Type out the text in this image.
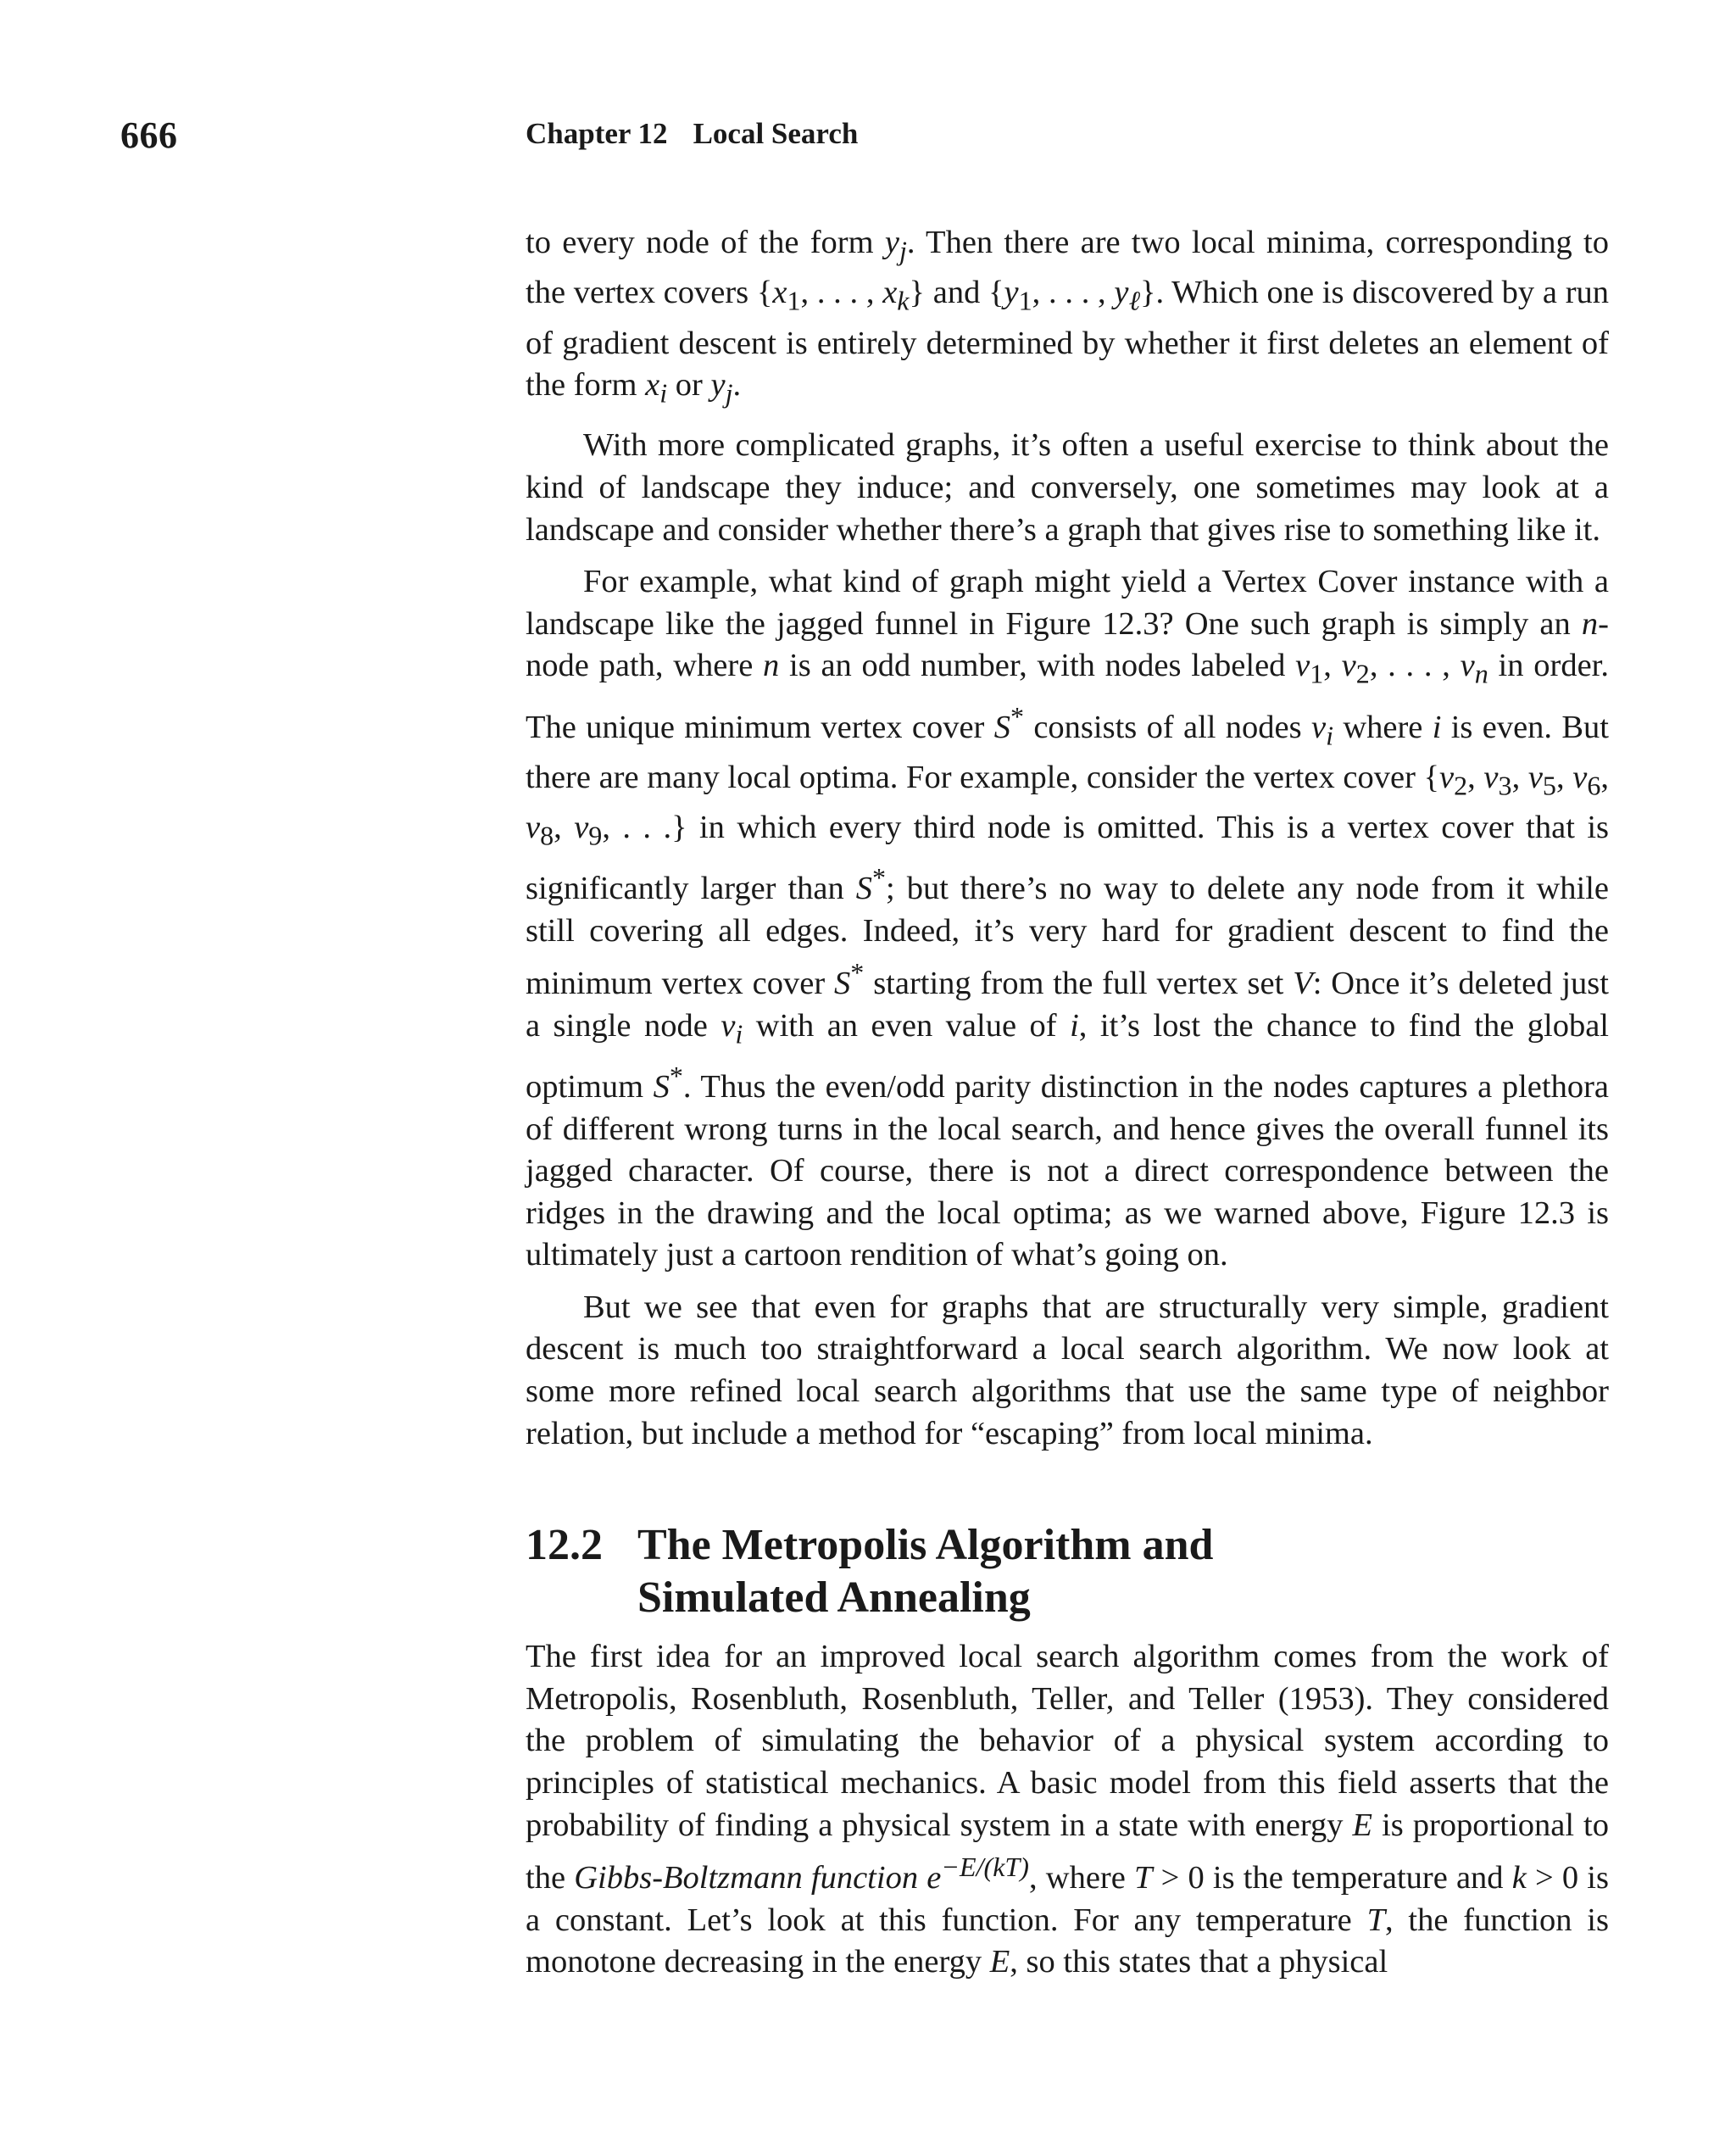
666	Chapter 12 Local Search

to every node of the form $y_j$. Then there are two local minima, corresponding to the vertex covers {$x_1$, . . . , $x_k$} and {$y_1$, . . . , $y_\ell$}. Which one is discovered by a run of gradient descent is entirely determined by whether it first deletes an element of the form $x_i$ or $y_j$.

With more complicated graphs, it’s often a useful exercise to think about the kind of landscape they induce; and conversely, one sometimes may look at a landscape and consider whether there’s a graph that gives rise to something like it.

For example, what kind of graph might yield a Vertex Cover instance with a landscape like the jagged funnel in Figure 12.3? One such graph is simply an n-node path, where n is an odd number, with nodes labeled $v_1$, $v_2$, . . . , $v_n$ in order. The unique minimum vertex cover S* consists of all nodes $v_i$ where i is even. But there are many local optima. For example, consider the vertex cover {$v_2$, $v_3$, $v_5$, $v_6$, $v_8$, $v_9$, . . .} in which every third node is omitted. This is a vertex cover that is significantly larger than S*; but there’s no way to delete any node from it while still covering all edges. Indeed, it’s very hard for gradient descent to find the minimum vertex cover S* starting from the full vertex set V: Once it’s deleted just a single node $v_i$ with an even value of i, it’s lost the chance to find the global optimum S*. Thus the even/odd parity distinction in the nodes captures a plethora of different wrong turns in the local search, and hence gives the overall funnel its jagged character. Of course, there is not a direct correspondence between the ridges in the drawing and the local optima; as we warned above, Figure 12.3 is ultimately just a cartoon rendition of what’s going on.

But we see that even for graphs that are structurally very simple, gradient descent is much too straightforward a local search algorithm. We now look at some more refined local search algorithms that use the same type of neighbor relation, but include a method for “escaping” from local minima.

12.2 The Metropolis Algorithm and
Simulated Annealing

The first idea for an improved local search algorithm comes from the work of Metropolis, Rosenbluth, Rosenbluth, Teller, and Teller (1953). They considered the problem of simulating the behavior of a physical system according to principles of statistical mechanics. A basic model from this field asserts that the probability of finding a physical system in a state with energy E is proportional to the Gibbs-Boltzmann function $e^{-E/(kT)}$, where T > 0 is the temperature and k > 0 is a constant. Let’s look at this function. For any temperature T, the function is monotone decreasing in the energy E, so this states that a physical
